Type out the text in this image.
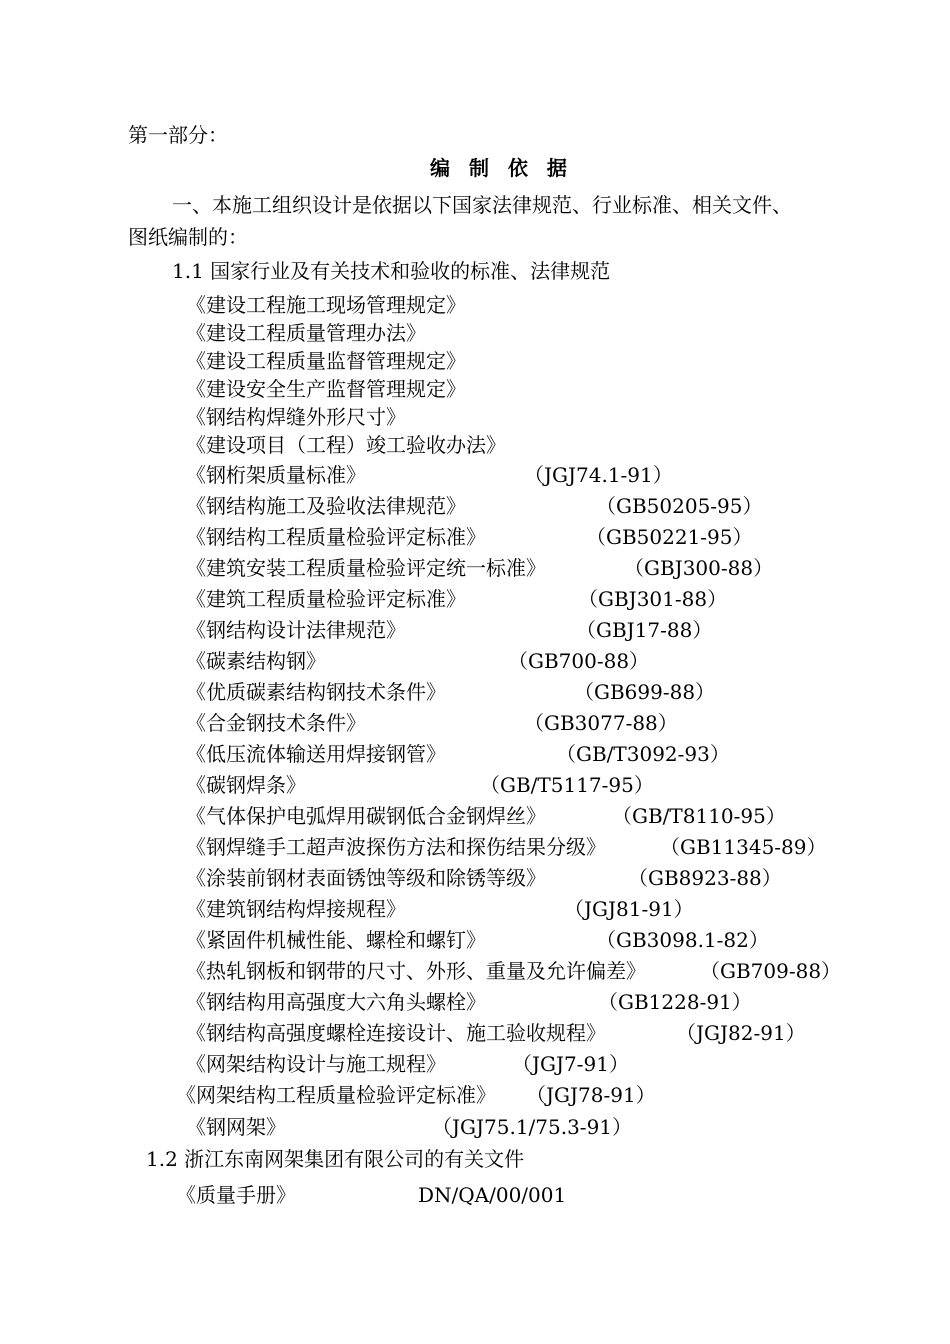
第一部分：

编 制 依 据

一、本施工组织设计是依据以下国家法律规范、行业标准、相关文件、

图纸编制的：

1.1 国家行业及有关技术和验收的标准、法律规范

《建设工程施工现场管理规定》
《建设工程质量管理办法》
《建设工程质量监督管理规定》
《建设安全生产监督管理规定》
《钢结构焊缝外形尺寸》
《建设项目（工程）竣工验收办法》
《钢桁架质量标准》	（JGJ74.1-91）
《钢结构施工及验收法律规范》	（GB50205-95）
《钢结构工程质量检验评定标准》	（GB50221-95）
《建筑安装工程质量检验评定统一标准》	（GBJ300-88）
《建筑工程质量检验评定标准》	（GBJ301-88）
《钢结构设计法律规范》	（GBJ17-88）
《碳素结构钢》	（GB700-88）
《优质碳素结构钢技术条件》	（GB699-88）
《合金钢技术条件》	（GB3077-88）
《低压流体输送用焊接钢管》	（GB/T3092-93）
《碳钢焊条》	（GB/T5117-95）
《气体保护电弧焊用碳钢低合金钢焊丝》	（GB/T8110-95）
《钢焊缝手工超声波探伤方法和探伤结果分级》	（GB11345-89）
《涂装前钢材表面锈蚀等级和除锈等级》	（GB8923-88）
《建筑钢结构焊接规程》	（JGJ81-91）
《紧固件机械性能、螺栓和螺钉》	（GB3098.1-82）
《热轧钢板和钢带的尺寸、外形、重量及允许偏差》	（GB709-88）
《钢结构用高强度大六角头螺栓》	（GB1228-91）
《钢结构高强度螺栓连接设计、施工验收规程》	（JGJ82-91）
《网架结构设计与施工规程》	（JGJ7-91）
《网架结构工程质量检验评定标准》 （JGJ78-91）
《钢网架》	（JGJ75.1/75.3-91）

1.2 浙江东南网架集团有限公司的有关文件

《质量手册》	DN/QA/00/001
